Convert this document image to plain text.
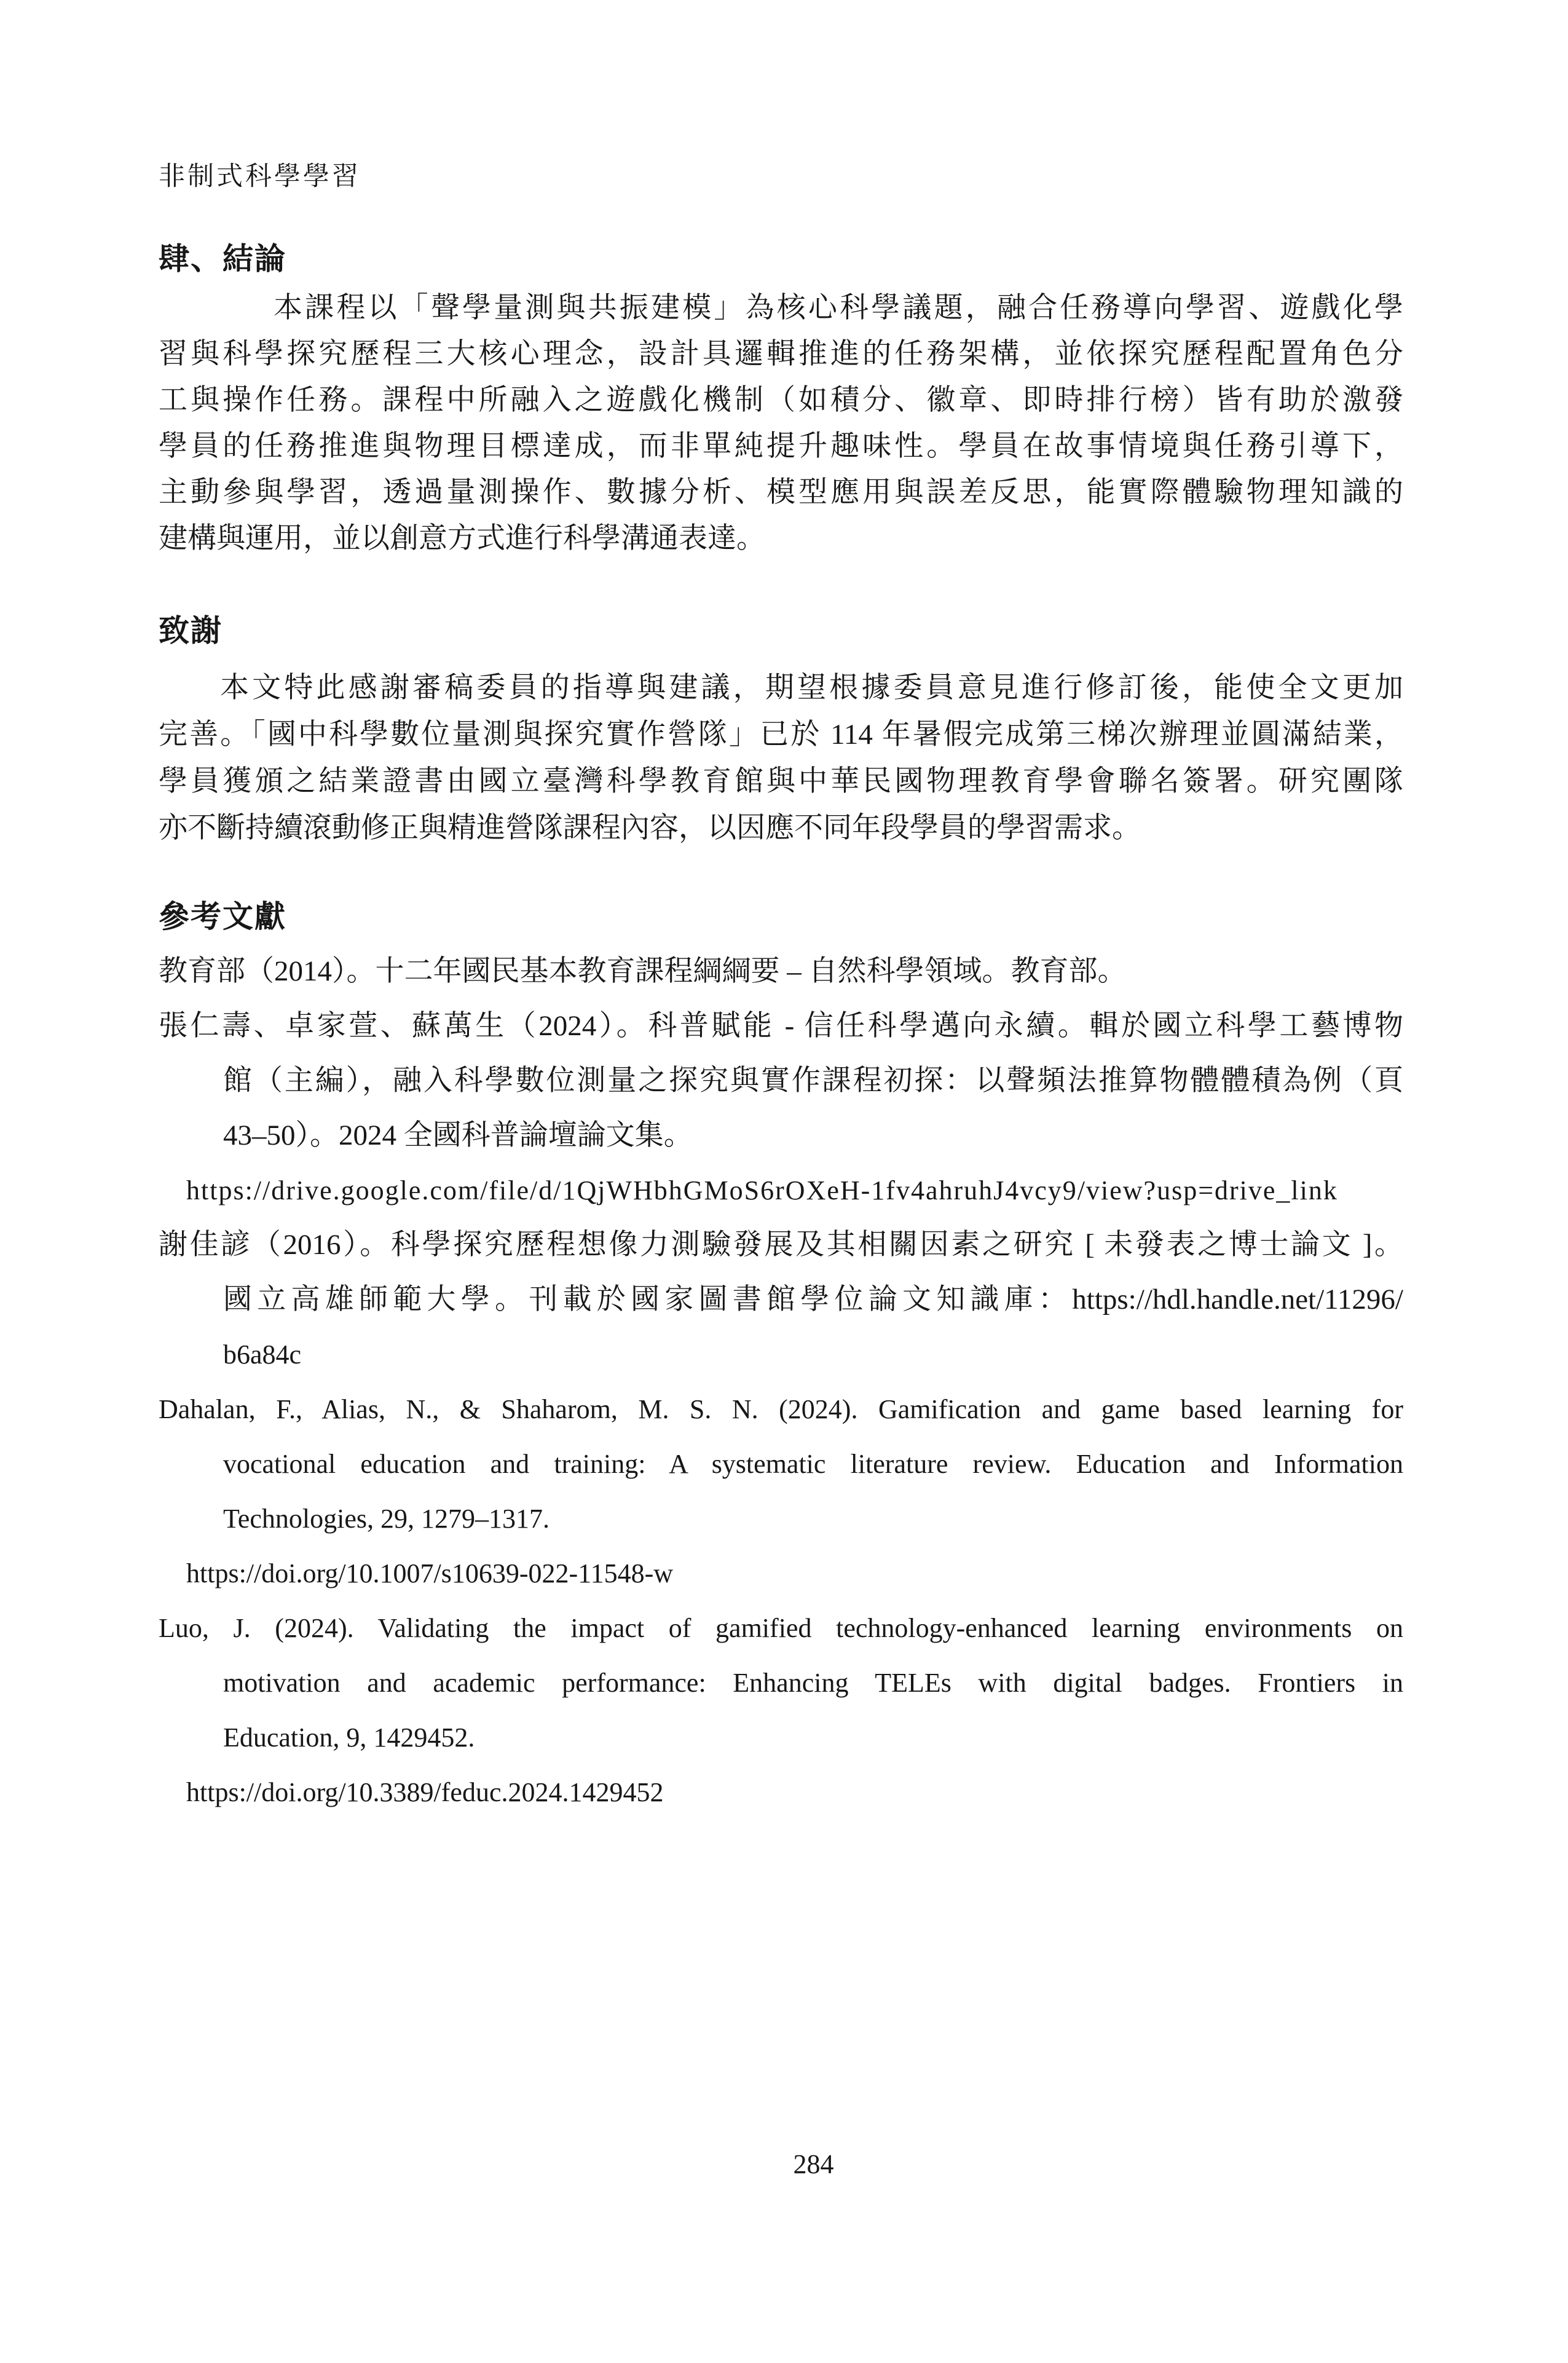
非制式科學學習
肆、結論
本課程以「聲學量測與共振建模」為核心科學議題，融合任務導向學習、遊戲化學
習與科學探究歷程三大核心理念，設計具邏輯推進的任務架構，並依探究歷程配置角色分
工與操作任務。課程中所融入之遊戲化機制（如積分、徽章、即時排行榜）皆有助於激發
學員的任務推進與物理目標達成，而非單純提升趣味性。學員在故事情境與任務引導下，
主動參與學習，透過量測操作、數據分析、模型應用與誤差反思，能實際體驗物理知識的
建構與運用，並以創意方式進行科學溝通表達。
致謝
本文特此感謝審稿委員的指導與建議，期望根據委員意見進行修訂後，能使全文更加
完善。「國中科學數位量測與探究實作營隊」已於 114 年暑假完成第三梯次辦理並圓滿結業，
學員獲頒之結業證書由國立臺灣科學教育館與中華民國物理教育學會聯名簽署。研究團隊
亦不斷持續滾動修正與精進營隊課程內容，以因應不同年段學員的學習需求。
參考文獻
教育部（2014）。十二年國民基本教育課程綱綱要 – 自然科學領域。教育部。
張仁壽、卓家萱、蘇萬生（2024）。科普賦能 - 信任科學邁向永續。輯於國立科學工藝博物
館（主編），融入科學數位測量之探究與實作課程初探：以聲頻法推算物體體積為例（頁
43–50）。2024 全國科普論壇論文集。
https://drive.google.com/file/d/1QjWHbhGMoS6rOXeH-1fv4ahruhJ4vcy9/view?usp=drive_link
謝佳諺（2016）。科學探究歷程想像力測驗發展及其相關因素之研究 [ 未發表之博士論文 ]。
國立高雄師範大學。刊載於國家圖書館學位論文知識庫：https://hdl.handle.net/11296/
b6a84c
Dahalan, F., Alias, N., & Shaharom, M. S. N. (2024). Gamification and game based learning for
vocational education and training: A systematic literature review. Education and Information
Technologies, 29, 1279–1317.
https://doi.org/10.1007/s10639-022-11548-w
Luo, J. (2024). Validating the impact of gamified technology-enhanced learning environments on
motivation and academic performance: Enhancing TELEs with digital badges. Frontiers in
Education, 9, 1429452.
https://doi.org/10.3389/feduc.2024.1429452
284
